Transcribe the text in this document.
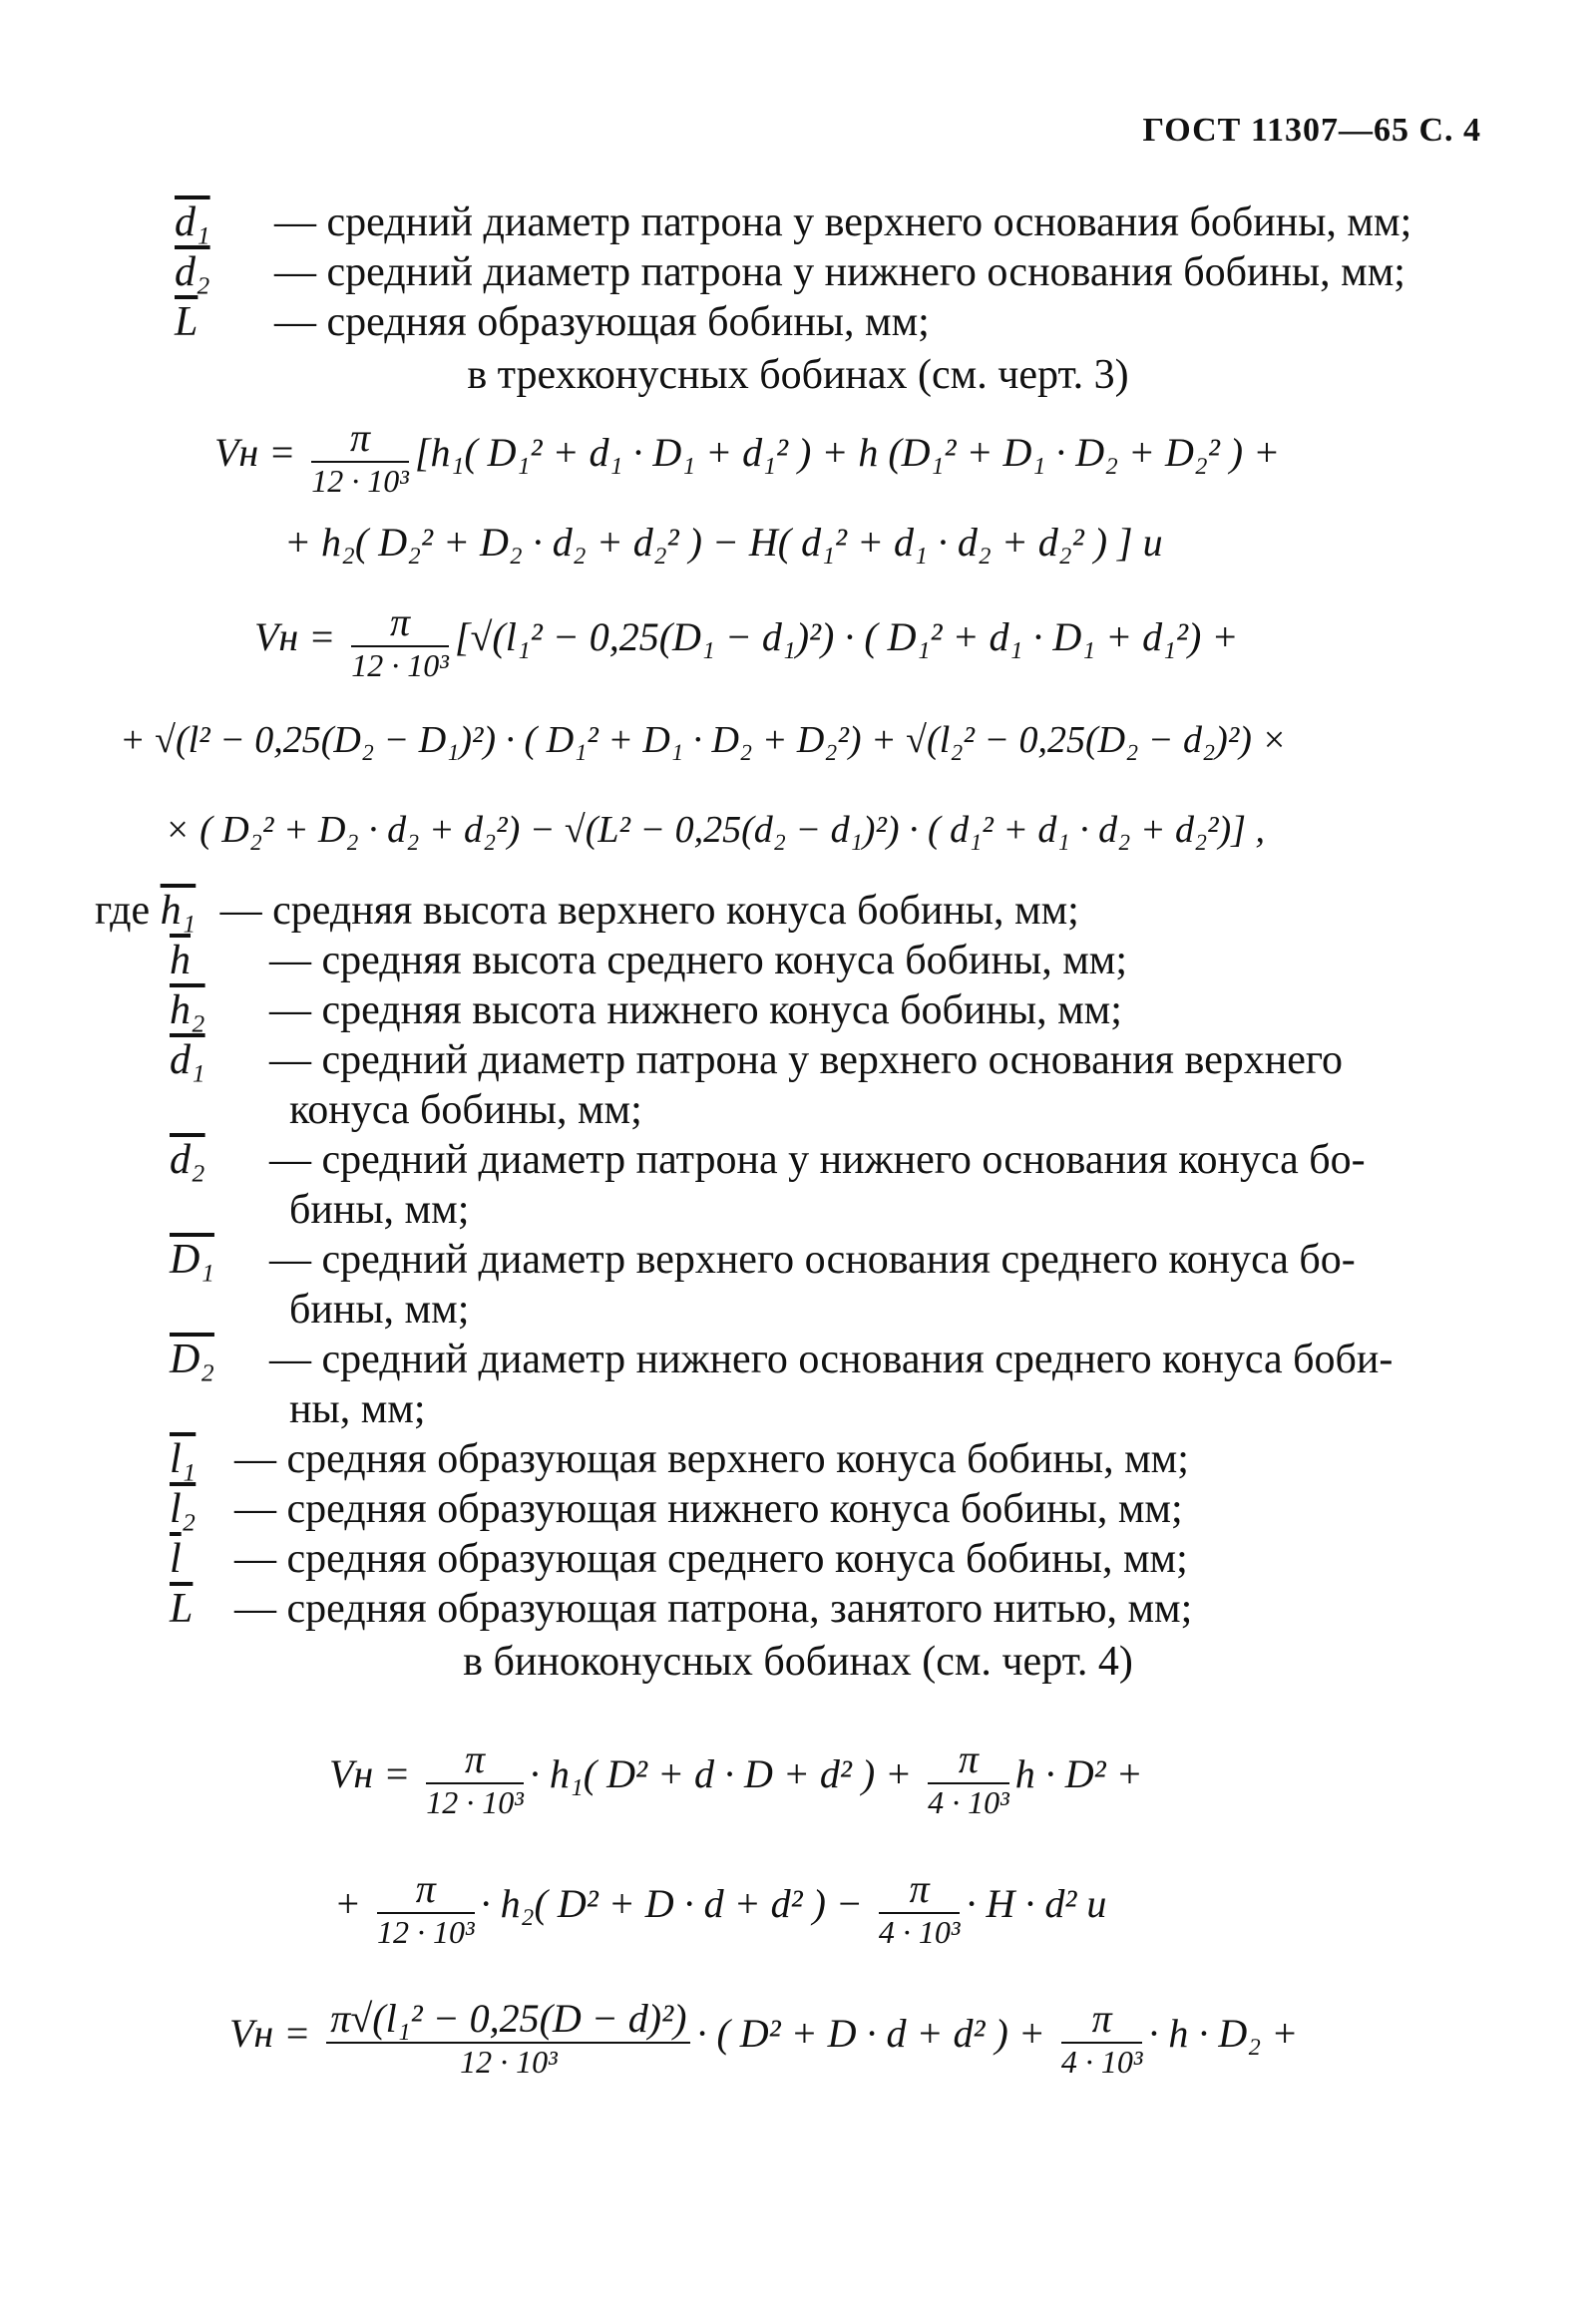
ГОСТ 11307—65 С. 4
d₁ — средний диаметр патрона у верхнего основания бобины, мм;
d₂ — средний диаметр патрона у нижнего основания бобины, мм;
$\overline{L}$ — средняя образующая бобины, мм;
в трехконусных бобинах (см. черт. 3)
Vн = $\frac{\pi}{\text{12 · 10³}} [h_1$( D₁² + d₁ · D₁ + d₁² ) + h (D₁² + D₁ · D₂ + D₂² ) +
+ h₂( D₂² + D₂ · d₂ + d₂² ) − H( d₁² + d₁ · d₂ + d₂² ) ] и
Vн = $\frac{\pi}{\text{12 · 10³}} [√(l_1^2 - 0,25(D_1 - d_1)^2)$ · ( D₁² + d₁ · D₁ + d₁²) +
+ √(l² − 0,25(D₂ − D₁)²) · ( D₁² + D₁ · D₂ + D₂²) + √(l₂² − 0,25(D₂ − d₂)²) ×
× ( D₂² + D₂ · d₂ + d₂²) − √(L² − 0,25(d₂ − d₁)²) · ( d₁² + d₁ · d₂ + d₂²)] ,
где h₁ — средняя высота верхнего конуса бобины, мм;
$\overline{h}$ — средняя высота среднего конуса бобины, мм;
h₂ — средняя высота нижнего конуса бобины, мм;
d₁ — средний диаметр патрона у верхнего основания верхнего
конуса бобины, мм;
d₂ — средний диаметр патрона у нижнего основания конуса бо-
бины, мм;
D₁ — средний диаметр верхнего основания среднего конуса бо-
бины, мм;
D₂ — средний диаметр нижнего основания среднего конуса боби-
ны, мм;
l₁ — средняя образующая верхнего конуса бобины, мм;
l₂ — средняя образующая нижнего конуса бобины, мм;
$\overline{l}$ — средняя образующая среднего конуса бобины, мм;
$\overline{L}$ — средняя образующая патрона, занятого нитью, мм;
в биноконусных бобинах (см. черт. 4)
Vн = $\frac{\pi}{\text{12 · 10³}} \cdot h_1$( D² + d · D + d² ) + $\frac{\pi}{\text{4 · 10³}}$ h · D² +
+ $\frac{\pi}{\text{12 · 10³}} \cdot h_2$( D² + D · d + d² ) − $\frac{\pi}{\text{4 · 10³}} \cdot H \cdot d^2$ и
Vн = $\frac{\text{π√(l₁² − 0,25(D − d)²)}}{\text{12 · 10³}}$ · ( D² + D · d + d² ) + $\frac{\pi}{\text{4 · 10³}} \cdot h \cdot D_2$ +
